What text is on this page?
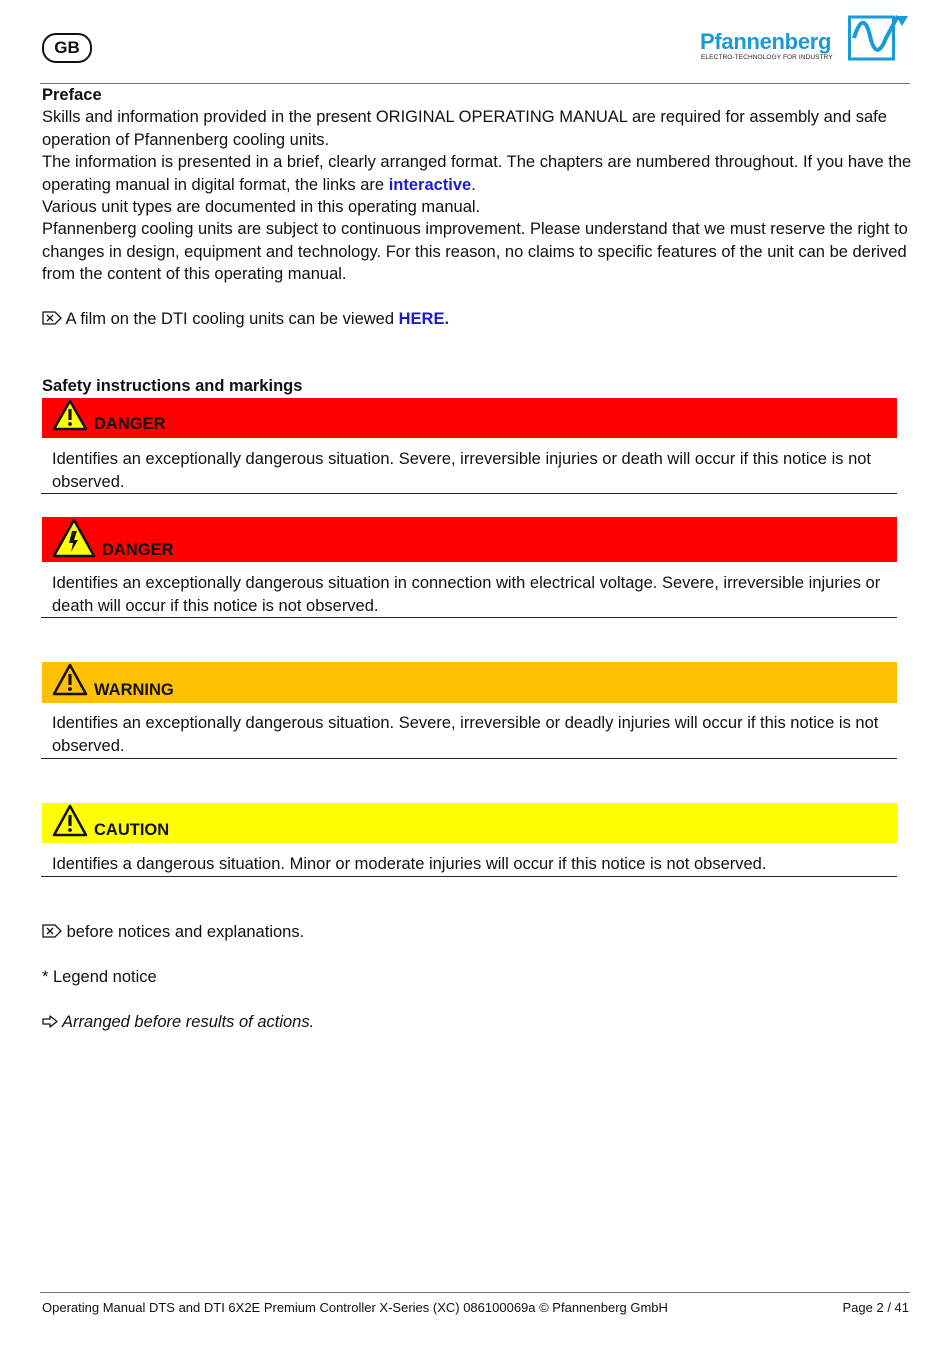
GB	Pfannenberg
ELECTRO-TECHNOLOGY FOR INDUSTRY
Preface
Skills and information provided in the present ORIGINAL OPERATING MANUAL are required for assembly and safe operation of Pfannenberg cooling units.
The information is presented in a brief, clearly arranged format. The chapters are numbered throughout. If you have the operating manual in digital format, the links are interactive.
Various unit types are documented in this operating manual.
Pfannenberg cooling units are subject to continuous improvement. Please understand that we must reserve the right to changes in design, equipment and technology. For this reason, no claims to specific features of the unit can be derived from the content of this operating manual.
A film on the DTI cooling units can be viewed HERE.
Safety instructions and markings
DANGER
Identifies an exceptionally dangerous situation. Severe, irreversible injuries or death will occur if this notice is not observed.
DANGER
Identifies an exceptionally dangerous situation in connection with electrical voltage. Severe, irreversible injuries or death will occur if this notice is not observed.
WARNING
Identifies an exceptionally dangerous situation. Severe, irreversible or deadly injuries will occur if this notice is not observed.
CAUTION
Identifies a dangerous situation. Minor or moderate injuries will occur if this notice is not observed.
before notices and explanations.
* Legend notice
Arranged before results of actions.
Operating Manual DTS and DTI 6X2E Premium Controller X-Series (XC) 086100069a © Pfannenberg GmbH	Page 2 / 41
